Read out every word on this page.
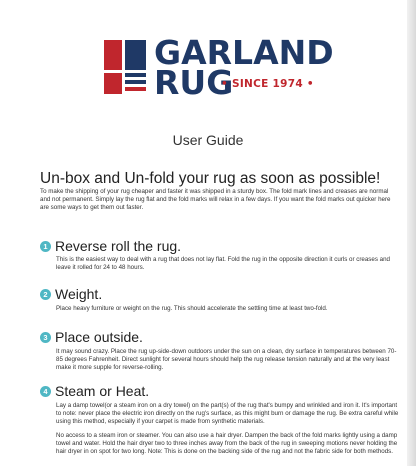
GARLAND
RUG
• SINCE 1974 •
User Guide
Un-box and Un-fold your rug as soon as possible!
To make the shipping of your rug cheaper and faster it was shipped in a sturdy box. The fold mark lines and creases are normal and not permanent. Simply lay the rug flat and the fold marks will relax in a few days. If you want the fold marks out quicker here are some ways to get them out faster.
1 Reverse roll the rug.
This is the easiest way to deal with a rug that does not lay flat. Fold the rug in the opposite direction it curls or creases and leave it rolled for 24 to 48 hours.
2 Weight.
Place heavy furniture or weight on the rug. This should accelerate the settling time at least two-fold.
3 Place outside.
It may sound crazy. Place the rug up-side-down outdoors under the sun on a clean, dry surface in temperatures between 70-85 degrees Fahrenheit. Direct sunlight for several hours should help the rug release tension naturally and at the very least make it more supple for reverse-rolling.
4 Steam or Heat.
Lay a damp towel(or a steam iron on a dry towel) on the part(s) of the rug that's bumpy and wrinkled and iron it. It's important to note: never place the electric iron directly on the rug's surface, as this might burn or damage the rug. Be extra careful while using this method, especially if your carpet is made from synthetic materials.
No access to a steam iron or steamer. You can also use a hair dryer. Dampen the back of the fold marks lightly using a damp towel and water. Hold the hair dryer two to three inches away from the back of the rug in sweeping motions never holding the hair dryer in on spot for two long. Note: This is done on the backing side of the rug and not the fabric side for both methods.
